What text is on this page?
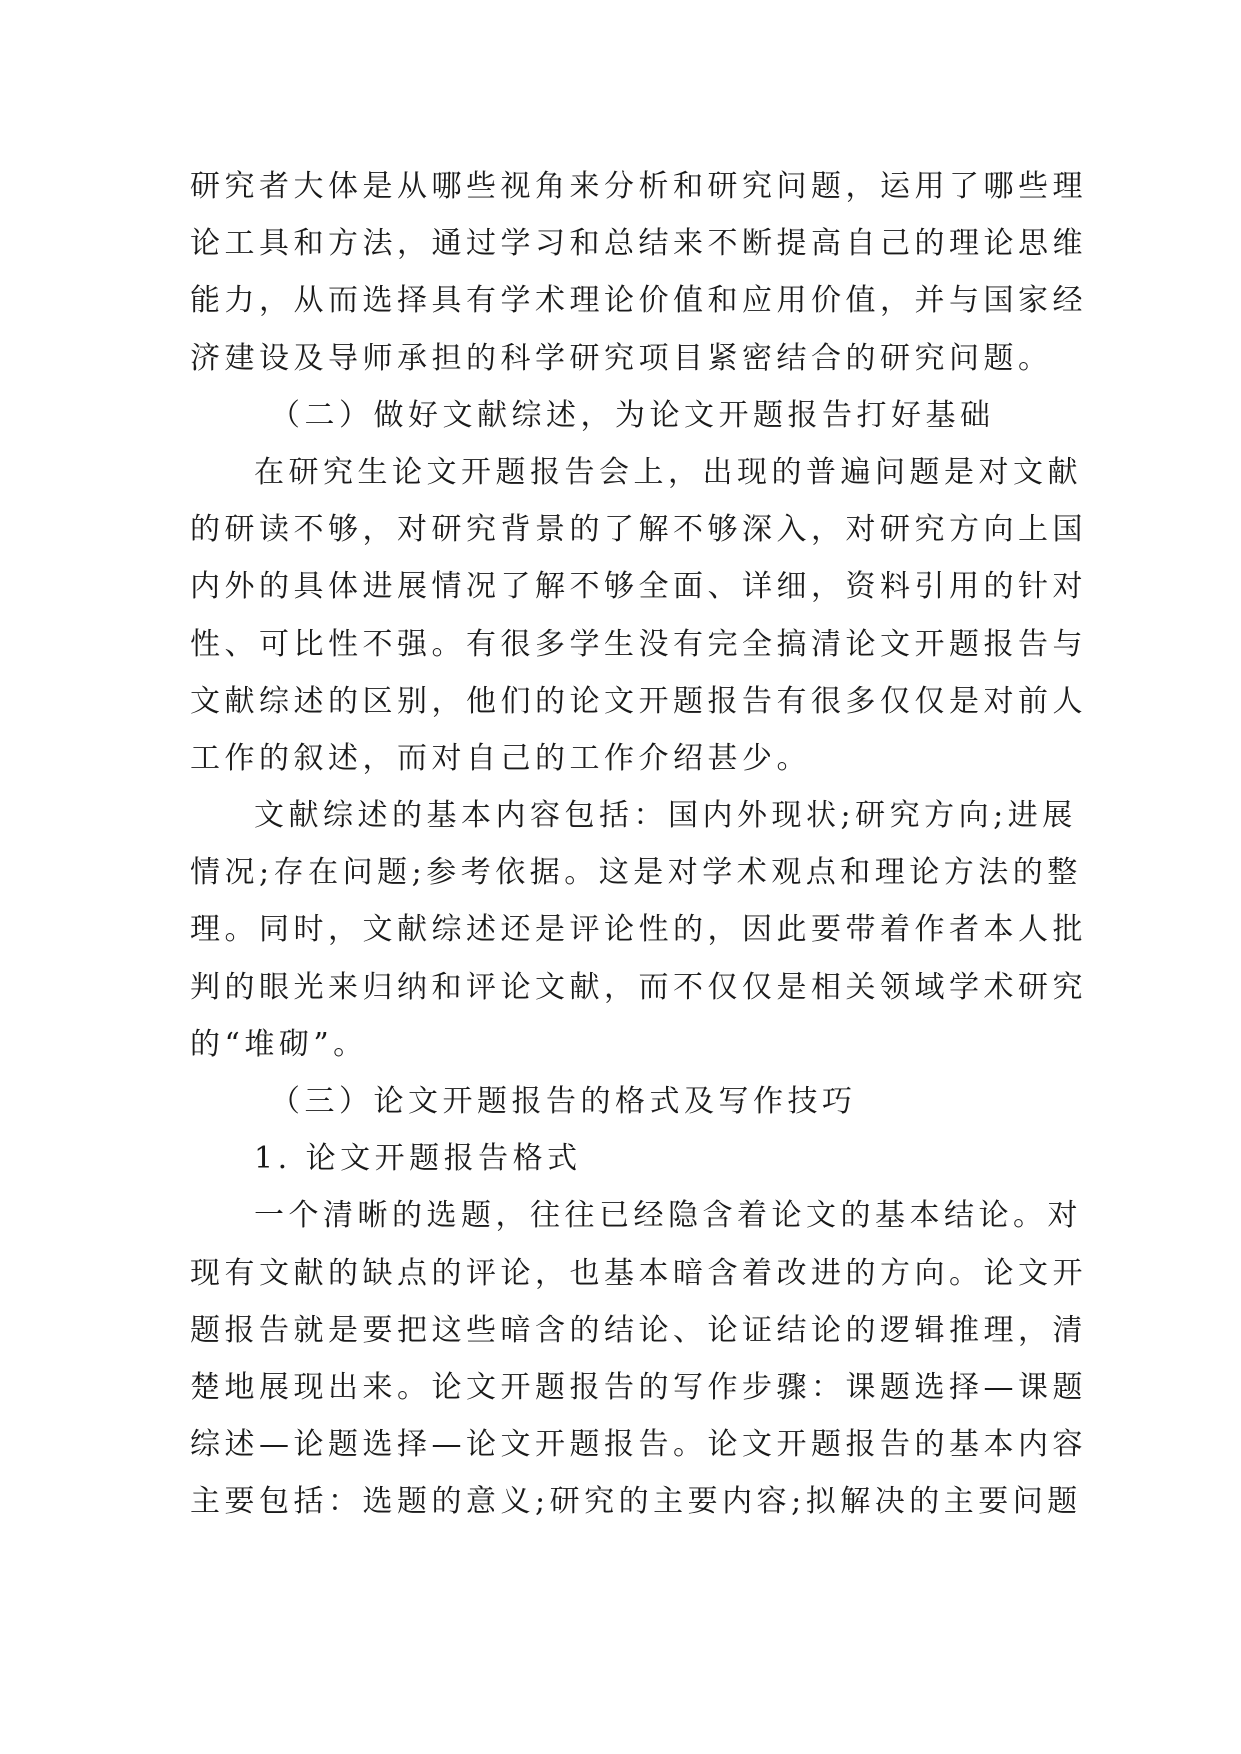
研究者大体是从哪些视角来分析和研究问题，运用了哪些理
论工具和方法，通过学习和总结来不断提高自己的理论思维
能力，从而选择具有学术理论价值和应用价值，并与国家经
济建设及导师承担的科学研究项目紧密结合的研究问题。
（二）做好文献综述，为论文开题报告打好基础
在研究生论文开题报告会上，出现的普遍问题是对文献
的研读不够，对研究背景的了解不够深入，对研究方向上国
内外的具体进展情况了解不够全面、详细，资料引用的针对
性、可比性不强。有很多学生没有完全搞清论文开题报告与
文献综述的区别，他们的论文开题报告有很多仅仅是对前人
工作的叙述，而对自己的工作介绍甚少。
文献综述的基本内容包括：国内外现状;研究方向;进展
情况;存在问题;参考依据。这是对学术观点和理论方法的整
理。同时，文献综述还是评论性的，因此要带着作者本人批
判的眼光来归纳和评论文献，而不仅仅是相关领域学术研究
的“堆砌”。
（三）论文开题报告的格式及写作技巧
1. 论文开题报告格式
一个清晰的选题，往往已经隐含着论文的基本结论。对
现有文献的缺点的评论，也基本暗含着改进的方向。论文开
题报告就是要把这些暗含的结论、论证结论的逻辑推理，清
楚地展现出来。论文开题报告的写作步骤：课题选择—课题
综述—论题选择—论文开题报告。论文开题报告的基本内容
主要包括：选题的意义;研究的主要内容;拟解决的主要问题
